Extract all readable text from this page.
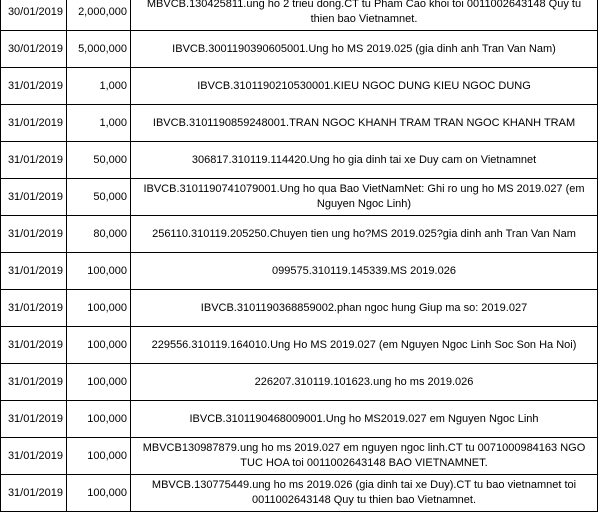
30/01/2019	2,000,000	MBVCB.130425811.ung ho 2 trieu dong.CT tu Pham Cao khoi toi 0011002643148 Quy tu thien bao Vietnamnet.
30/01/2019	5,000,000	IBVCB.3001190390605001.Ung ho MS 2019.025 (gia dinh anh Tran Van Nam)
31/01/2019	1,000	IBVCB.3101190210530001.KIEU NGOC DUNG KIEU NGOC DUNG
31/01/2019	1,000	IBVCB.3101190859248001.TRAN NGOC KHANH TRAM TRAN NGOC KHANH TRAM
31/01/2019	50,000	306817.310119.114420.Ung ho gia dinh tai xe Duy cam on Vietnamnet
31/01/2019	50,000	IBVCB.3101190741079001.Ung ho qua Bao VietNamNet: Ghi ro ung ho MS 2019.027 (em Nguyen Ngoc Linh)
31/01/2019	80,000	256110.310119.205250.Chuyen tien ung ho?MS 2019.025?gia dinh anh Tran Van Nam
31/01/2019	100,000	099575.310119.145339.MS 2019.026
31/01/2019	100,000	IBVCB.3101190368859002.phan ngoc hung Giup ma so: 2019.027
31/01/2019	100,000	229556.310119.164010.Ung Ho MS 2019.027 (em Nguyen Ngoc Linh Soc Son Ha Noi)
31/01/2019	100,000	226207.310119.101623.ung ho ms 2019.026
31/01/2019	100,000	IBVCB.3101190468009001.Ung ho MS2019.027 em Nguyen Ngoc Linh
31/01/2019	100,000	MBVCB130987879.ung ho ms 2019.027 em nguyen ngoc linh.CT tu 0071000984163 NGO TUC HOA toi 0011002643148 BAO VIETNAMNET.
31/01/2019	100,000	MBVCB.130775449.ung ho ms 2019.026 (gia dinh tai xe Duy).CT tu bao vietnamnet toi 0011002643148 Quy tu thien bao Vietnamnet.
